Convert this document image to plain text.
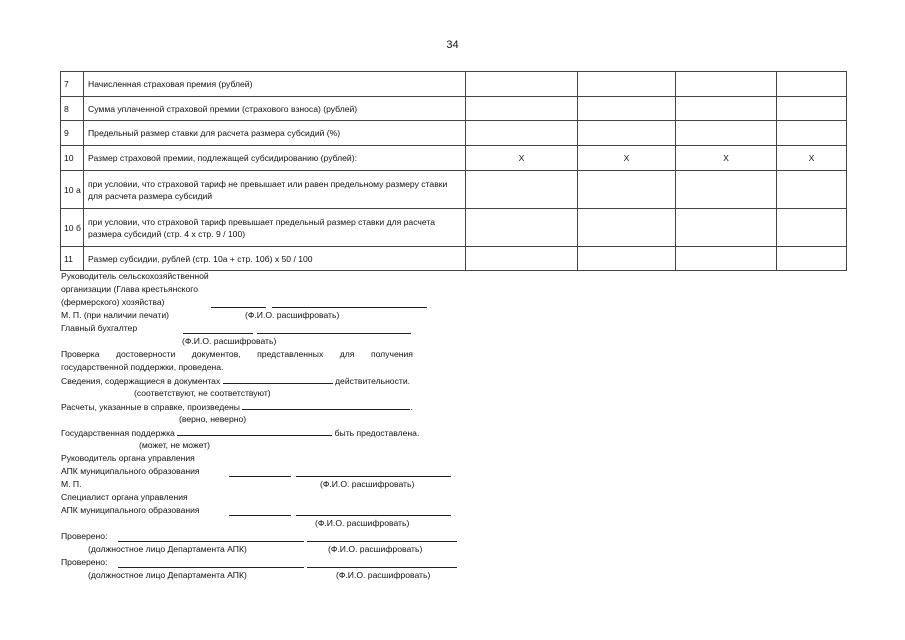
34
7	Начисленная страховая премия (рублей)				
8	Сумма уплаченной страховой премии (страхового взноса) (рублей)				
9	Предельный размер ставки для расчета размера субсидий (%)				
10	Размер страховой премии, подлежащей субсидированию (рублей):	X	X	X	X
10 а	при условии, что страховой тариф не превышает или равен предельному размеру ставки для расчета размера субсидий				
10 б	при условии, что страховой тариф превышает предельный размер ставки для расчета размера субсидий (стр. 4 x стр. 9 / 100)				
11	Размер субсидии, рублей (стр. 10а + стр. 10б) x 50 / 100				
Руководитель сельскохозяйственной
организации (Глава крестьянского
(фермерского) хозяйства)
М. П. (при наличии печати)	(Ф.И.О. расшифровать)
Главный бухгалтер
(Ф.И.О. расшифровать)
Проверка достоверности документов, представленных для получения
государственной поддержки, проведена.
Сведения, содержащиеся в документах	действительности.
(соответствуют, не соответствуют)
Расчеты, указанные в справке, произведены	.
(верно, неверно)
Государственная поддержка	быть предоставлена.
(может, не может)
Руководитель органа управления
АПК муниципального образования
М. П.	(Ф.И.О. расшифровать)
Специалист органа управления
АПК муниципального образования
(Ф.И.О. расшифровать)
Проверено:
(должностное лицо Департамента АПК)	(Ф.И.О. расшифровать)
Проверено:
(должностное лицо Департамента АПК)	(Ф.И.О. расшифровать)
